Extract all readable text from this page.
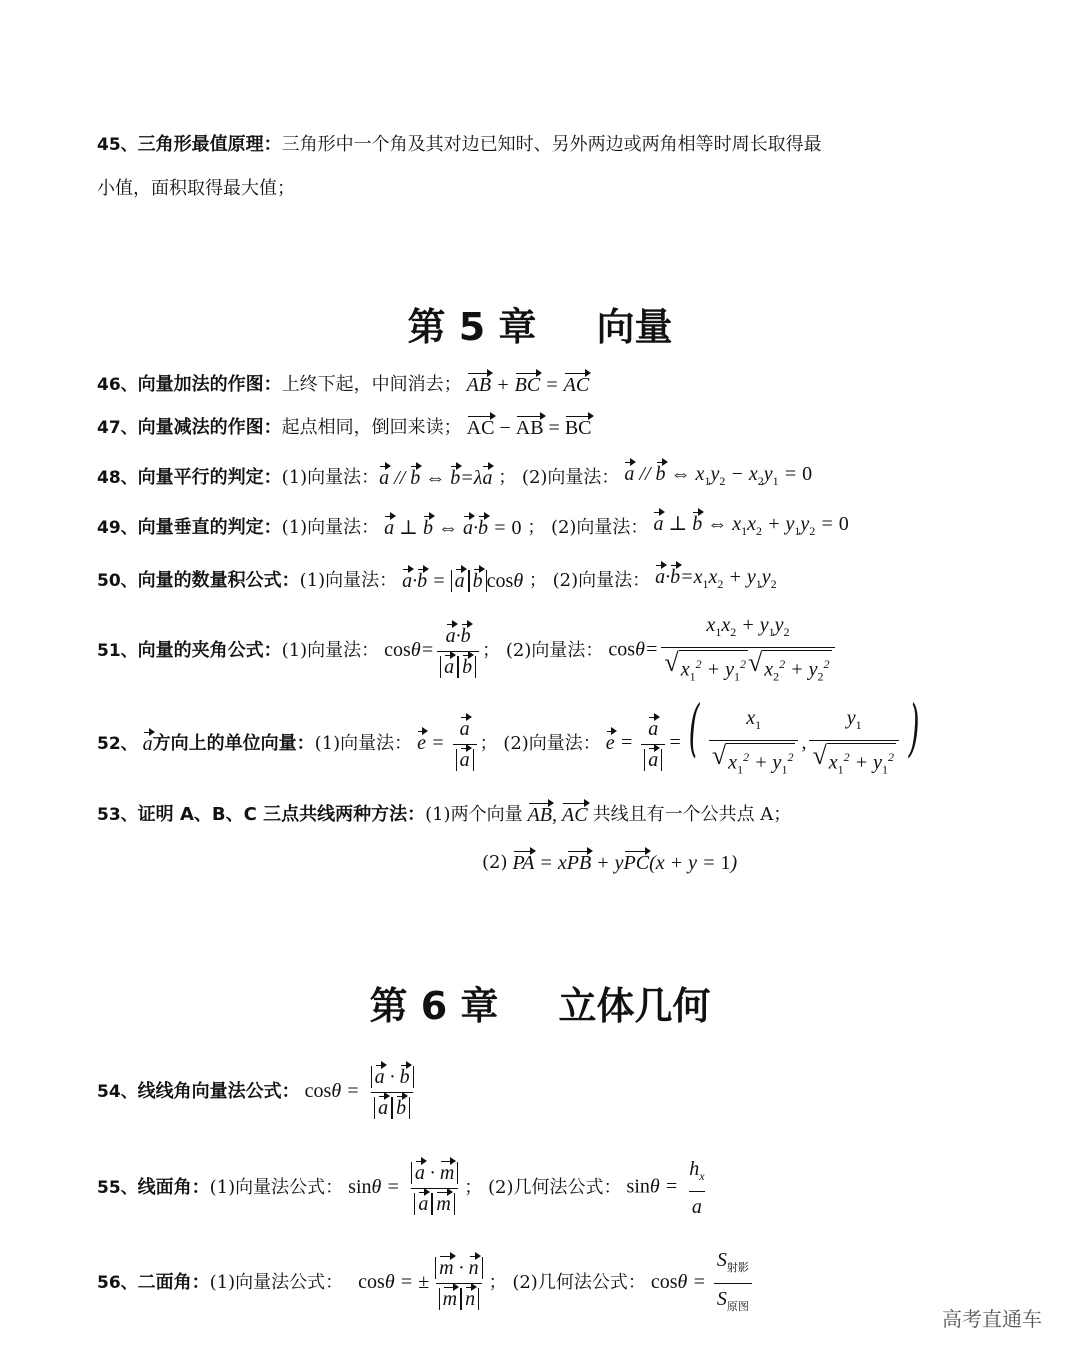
45、 三角形最值原理： 三角形中一个角及其对边已知时、另外两边或两角相等时周长取得最
小值，面积取得最大值；
第 5 章 向量
46、 向量加法的作图： 上终下起，中间消去； AB + BC = AC
47、 向量减法的作图： 起点相同，倒回来读； AC − AB = BC
48、 向量平行的判定： (1)向量法： a // b ⇔ b=λa ； (2)向量法： a // b ⇔ $x_1y_2 - x_2y_1 = 0$
49、 向量垂直的判定： (1)向量法： a ⊥ b ⇔ a·b = 0 ； (2)向量法： a ⊥ b ⇔ $x_1x_2 + y_1y_2 = 0$
50、 向量的数量积公式： (1)向量法： a·b = a b cosθ ； (2)向量法： $a\cdot b=x_1x_2 + y_1y_2$
51、 向量的夹角公式： (1)向量法： $\cos\theta= \frac{a\cdot b}{\text{a b}}$ ； (2)向量法： $\cos\theta= \frac{x_1x_2 + y_1y_2}{√ x_1^2 + y_1^2 √ x_2^2 + y_2^2}$
52、 a 方向上的单位向量： (1)向量法： $e = \frac{a}{a}$ ； (2)向量法： $e = \frac{a}{a}$ = ( $\frac{x_1}{√ x_1^2 + y_1^2}$ , $\frac{y_1}{√ x_1^2 + y_1^2}$ )
53、 证明 A、B、C 三点共线两种方法： (1)两个向量 AB, AC 共线且有一个公共点 A；
(2) PA = xPB + yPC(x + y = 1)
第 6 章 立体几何
54、 线线角向量法公式： $\cos\theta = \frac{a \cdot b}{\text{a b}}$
55、 线面角： (1)向量法公式： $\sin\theta = \frac{a \cdot m}{\text{a m}}$ ； (2)几何法公式： $\sin\theta = \frac{h_x}{a}$
56、 二面角： (1)向量法公式： cosθ = ± $\frac{m \cdot n}{\text{m n}}$ ； (2)几何法公式： $\cos\theta = \frac{S_{射影}}{S_{原图}}$	高考直通车
